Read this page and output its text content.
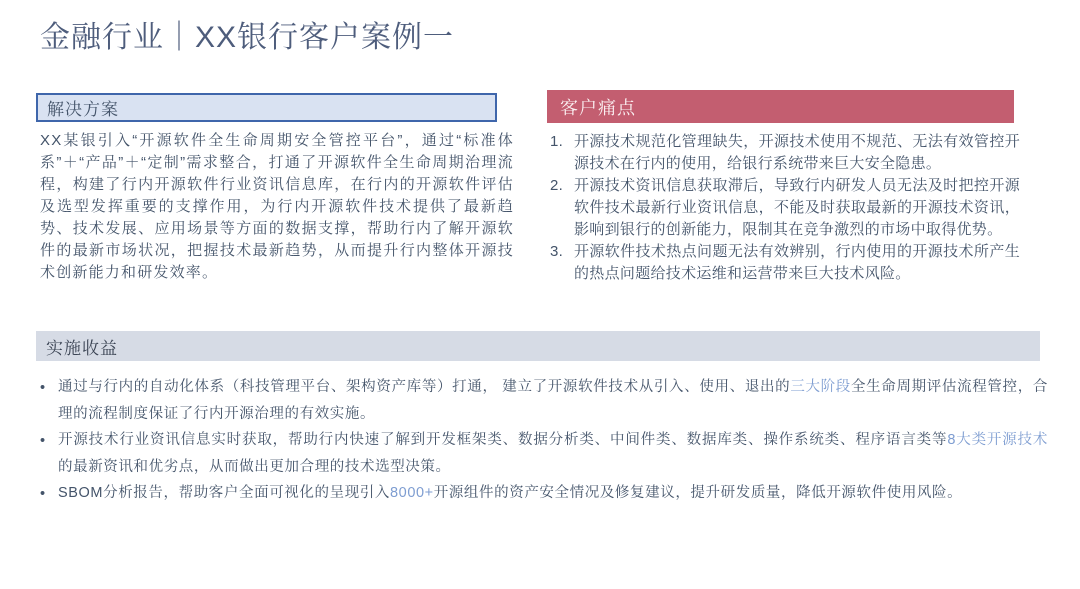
金融行业｜XX银行客户案例一
解决方案

XX某银引入“开源软件全生命周期安全管控平台”，通过“标准体系”＋“产品”＋“定制”需求整合，打通了开源软件全生命周期治理流程，构建了行内开源软件行业资讯信息库，在行内的开源软件评估及选型发挥重要的支撑作用，为行内开源软件技术提供了最新趋势、技术发展、应用场景等方面的数据支撑，帮助行内了解开源软件的最新市场状况，把握技术最新趋势，从而提升行内整体开源技术创新能力和研发效率。

客户痛点
1. 开源技术规范化管理缺失，开源技术使用不规范、无法有效管控开源技术在行内的使用，给银行系统带来巨大安全隐患。
2. 开源技术资讯信息获取滞后，导致行内研发人员无法及时把控开源软件技术最新行业资讯信息，不能及时获取最新的开源技术资讯，影响到银行的创新能力，限制其在竞争激烈的市场中取得优势。
3. 开源软件技术热点问题无法有效辨别，行内使用的开源技术所产生的热点问题给技术运维和运营带来巨大技术风险。
实施收益
• 通过与行内的自动化体系（科技管理平台、架构资产库等）打通， 建立了开源软件技术从引入、使用、退出的三大阶段全生命周期评估流程管控，合理的流程制度保证了行内开源治理的有效实施。
• 开源技术行业资讯信息实时获取，帮助行内快速了解到开发框架类、数据分析类、中间件类、数据库类、操作系统类、程序语言类等8大类开源技术的最新资讯和优劣点，从而做出更加合理的技术选型决策。
• SBOM分析报告，帮助客户全面可视化的呈现引入8000+开源组件的资产安全情况及修复建议，提升研发质量，降低开源软件使用风险。
